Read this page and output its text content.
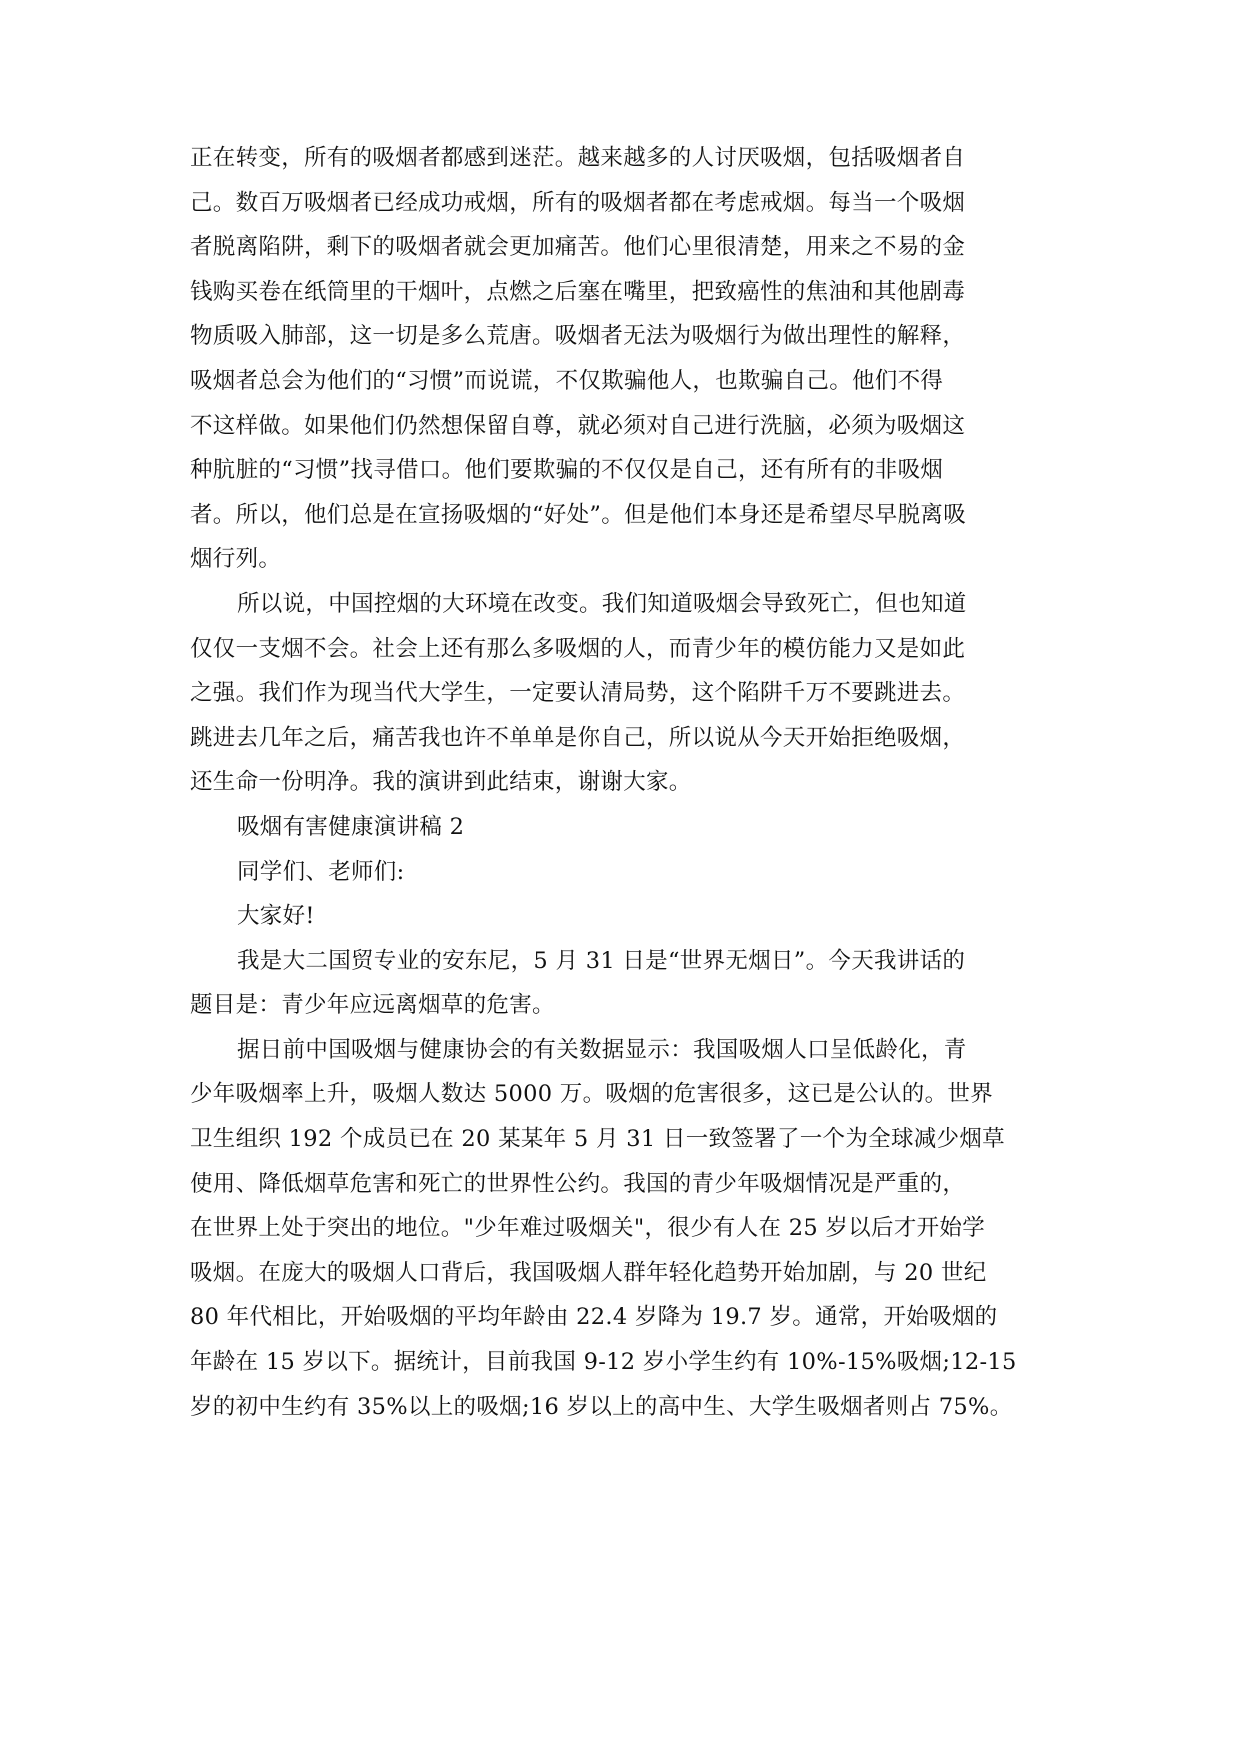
正在转变，所有的吸烟者都感到迷茫。越来越多的人讨厌吸烟，包括吸烟者自
己。数百万吸烟者已经成功戒烟，所有的吸烟者都在考虑戒烟。每当一个吸烟
者脱离陷阱，剩下的吸烟者就会更加痛苦。他们心里很清楚，用来之不易的金
钱购买卷在纸筒里的干烟叶，点燃之后塞在嘴里，把致癌性的焦油和其他剧毒
物质吸入肺部，这一切是多么荒唐。吸烟者无法为吸烟行为做出理性的解释，
吸烟者总会为他们的“习惯”而说谎，不仅欺骗他人，也欺骗自己。他们不得
不这样做。如果他们仍然想保留自尊，就必须对自己进行洗脑，必须为吸烟这
种肮脏的“习惯”找寻借口。他们要欺骗的不仅仅是自己，还有所有的非吸烟
者。所以，他们总是在宣扬吸烟的“好处”。但是他们本身还是希望尽早脱离吸
烟行列。
所以说，中国控烟的大环境在改变。我们知道吸烟会导致死亡，但也知道
仅仅一支烟不会。社会上还有那么多吸烟的人，而青少年的模仿能力又是如此
之强。我们作为现当代大学生，一定要认清局势，这个陷阱千万不要跳进去。
跳进去几年之后，痛苦我也许不单单是你自己，所以说从今天开始拒绝吸烟，
还生命一份明净。我的演讲到此结束，谢谢大家。
吸烟有害健康演讲稿 2
同学们、老师们:
大家好!
我是大二国贸专业的安东尼，5 月 31 日是“世界无烟日”。今天我讲话的
题目是：青少年应远离烟草的危害。
据日前中国吸烟与健康协会的有关数据显示：我国吸烟人口呈低龄化，青
少年吸烟率上升，吸烟人数达 5000 万。吸烟的危害很多，这已是公认的。世界
卫生组织 192 个成员已在 20 某某年 5 月 31 日一致签署了一个为全球减少烟草
使用、降低烟草危害和死亡的世界性公约。我国的青少年吸烟情况是严重的，
在世界上处于突出的地位。"少年难过吸烟关"，很少有人在 25 岁以后才开始学
吸烟。在庞大的吸烟人口背后，我国吸烟人群年轻化趋势开始加剧，与 20 世纪
80 年代相比，开始吸烟的平均年龄由 22.4 岁降为 19.7 岁。通常，开始吸烟的
年龄在 15 岁以下。据统计，目前我国 9-12 岁小学生约有 10%-15%吸烟;12-15
岁的初中生约有 35%以上的吸烟;16 岁以上的高中生、大学生吸烟者则占 75%。
